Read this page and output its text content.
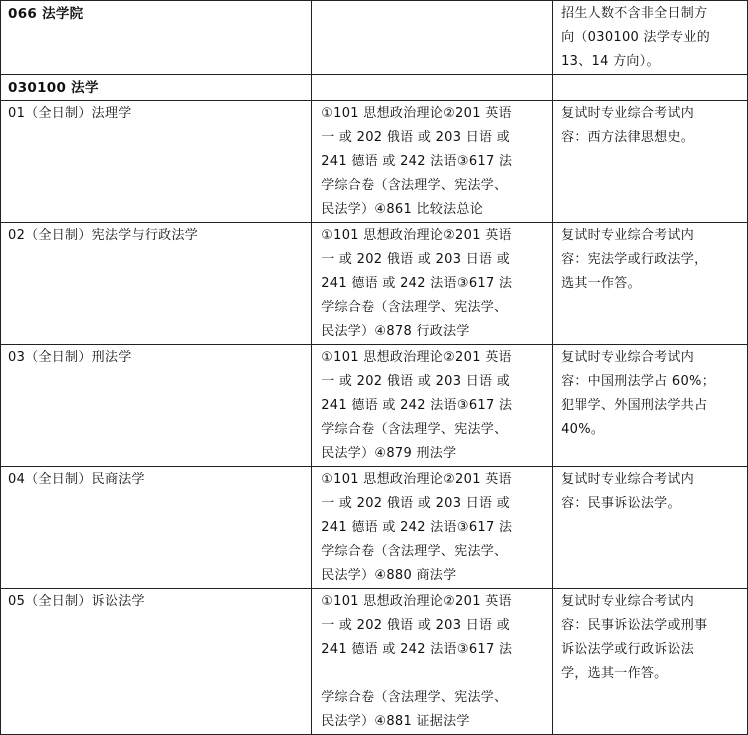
066 法学院		招生人数不含非全日制方
向（030100 法学专业的
13、14 方向）。

030100 法学		

01（全日制）法理学	①101 思想政治理论②201 英语
一 或 202 俄语 或 203 日语 或
241 德语 或 242 法语③617 法
学综合卷（含法理学、宪法学、
民法学）④861 比较法总论	复试时专业综合考试内
容：西方法律思想史。

02（全日制）宪法学与行政法学	①101 思想政治理论②201 英语
一 或 202 俄语 或 203 日语 或
241 德语 或 242 法语③617 法
学综合卷（含法理学、宪法学、
民法学）④878 行政法学	复试时专业综合考试内
容：宪法学或行政法学，
选其一作答。

03（全日制）刑法学	①101 思想政治理论②201 英语
一 或 202 俄语 或 203 日语 或
241 德语 或 242 法语③617 法
学综合卷（含法理学、宪法学、
民法学）④879 刑法学	复试时专业综合考试内
容：中国刑法学占 60%；
犯罪学、外国刑法学共占
40%。

04（全日制）民商法学	①101 思想政治理论②201 英语
一 或 202 俄语 或 203 日语 或
241 德语 或 242 法语③617 法
学综合卷（含法理学、宪法学、
民法学）④880 商法学	复试时专业综合考试内
容：民事诉讼法学。

05（全日制）诉讼法学	①101 思想政治理论②201 英语
一 或 202 俄语 或 203 日语 或
241 德语 或 242 法语③617 法
学综合卷（含法理学、宪法学、
民法学）④881 证据法学	复试时专业综合考试内
容：民事诉讼法学或刑事
诉讼法学或行政诉讼法
学，选其一作答。
